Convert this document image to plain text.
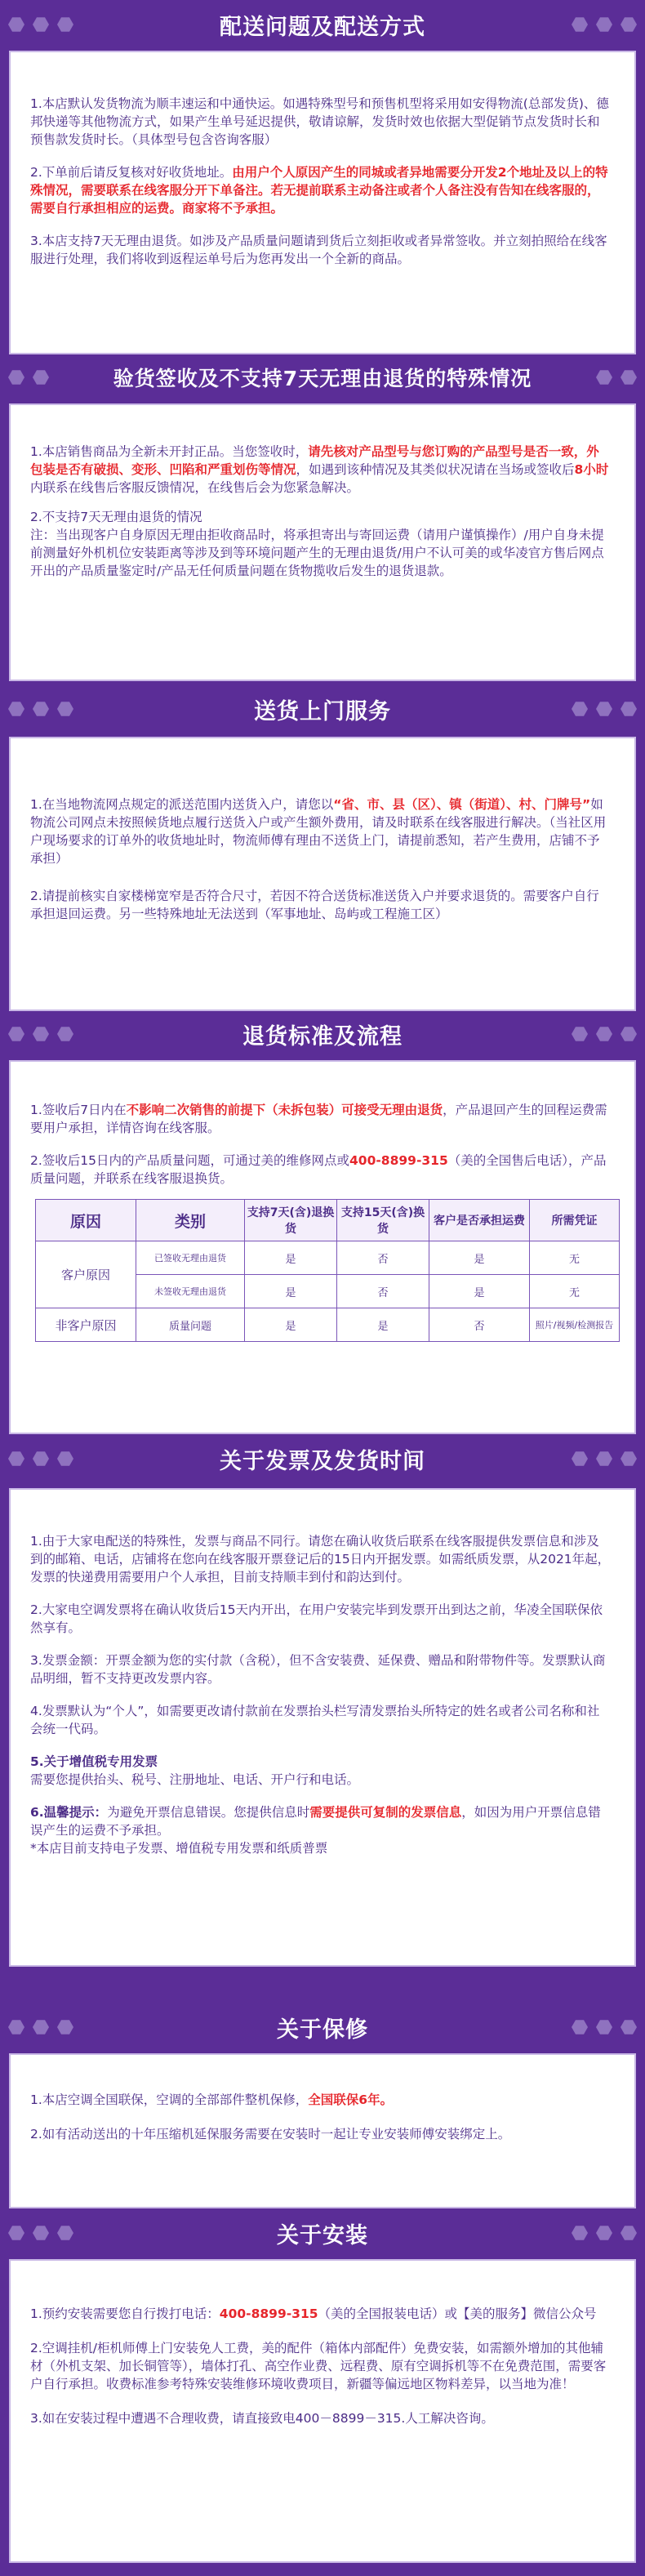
配送问题及配送方式

1.本店默认发货物流为顺丰速运和中通快运。如遇特殊型号和预售机型将采用如安得物流(总部发货)、德邦快递等其他物流方式，如果产生单号延迟提供，敬请谅解，发货时效也依据大型促销节点发货时长和预售款发货时长。（具体型号包含咨询客服）

2.下单前后请反复核对好收货地址。由用户个人原因产生的同城或者异地需要分开发2个地址及以上的特殊情况，需要联系在线客服分开下单备注。若无提前联系主动备注或者个人备注没有告知在线客服的，需要自行承担相应的运费。商家将不予承担。

3.本店支持7天无理由退货。如涉及产品质量问题请到货后立刻拒收或者异常签收。并立刻拍照给在线客服进行处理，我们将收到返程运单号后为您再发出一个全新的商品。

验货签收及不支持7天无理由退货的特殊情况

1.本店销售商品为全新未开封正品。当您签收时，请先核对产品型号与您订购的产品型号是否一致，外包装是否有破损、变形、凹陷和严重划伤等情况，如遇到该种情况及其类似状况请在当场或签收后8小时内联系在线售后客服反馈情况，在线售后会为您紧急解决。

2.不支持7天无理由退货的情况
注：当出现客户自身原因无理由拒收商品时，将承担寄出与寄回运费（请用户谨慎操作）/用户自身未提前测量好外机机位安装距离等涉及到等环境问题产生的无理由退货/用户不认可美的或华凌官方售后网点开出的产品质量鉴定时/产品无任何质量问题在货物揽收后发生的退货退款。

送货上门服务

1.在当地物流网点规定的派送范围内送货入户，请您以“省、市、县（区）、镇（街道）、村、门牌号”如物流公司网点未按照候货地点履行送货入户或产生额外费用，请及时联系在线客服进行解决。（当社区用户现场要求的订单外的收货地址时，物流师傅有理由不送货上门，请提前悉知，若产生费用，店铺不予承担）

2.请提前核实自家楼梯宽窄是否符合尺寸，若因不符合送货标准送货入户并要求退货的。需要客户自行承担退回运费。另一些特殊地址无法送到（军事地址、岛屿或工程施工区）

退货标准及流程

1.签收后7日内在不影响二次销售的前提下（未拆包装）可接受无理由退货，产品退回产生的回程运费需要用户承担，详情咨询在线客服。

2.签收后15日内的产品质量问题，可通过美的维修网点或400-8899-315（美的全国售后电话），产品质量问题，并联系在线客服退换货。

原因	类别	支持7天(含)退换货	支持15天(含)换货	客户是否承担运费	所需凭证
客户原因	已签收无理由退货	是	否	是	无
	未签收无理由退货	是	否	是	无
非客户原因	质量问题	是	是	否	照片/视频/检测报告
关于发票及发货时间

1.由于大家电配送的特殊性，发票与商品不同行。请您在确认收货后联系在线客服提供发票信息和涉及到的邮箱、电话，店铺将在您向在线客服开票登记后的15日内开据发票。如需纸质发票，从2021年起，发票的快递费用需要用户个人承担，目前支持顺丰到付和韵达到付。

2.大家电空调发票将在确认收货后15天内开出，在用户安装完毕到发票开出到达之前，华凌全国联保依然享有。

3.发票金额：开票金额为您的实付款（含税），但不含安装费、延保费、赠品和附带物件等。发票默认商品明细，暂不支持更改发票内容。

4.发票默认为“个人”，如需要更改请付款前在发票抬头栏写清发票抬头所特定的姓名或者公司名称和社会统一代码。

5.关于增值税专用发票
需要您提供抬头、税号、注册地址、电话、开户行和电话。

6.温馨提示：为避免开票信息错误。您提供信息时需要提供可复制的发票信息，如因为用户开票信息错误产生的运费不予承担。
*本店目前支持电子发票、增值税专用发票和纸质普票

关于保修

1.本店空调全国联保，空调的全部部件整机保修，全国联保6年。

2.如有活动送出的十年压缩机延保服务需要在安装时一起让专业安装师傅安装绑定上。

关于安装

1.预约安装需要您自行拨打电话：400-8899-315（美的全国报装电话）或【美的服务】微信公众号

2.空调挂机/柜机师傅上门安装免人工费，美的配件（箱体内部配件）免费安装，如需额外增加的其他辅材（外机支架、加长铜管等），墙体打孔、高空作业费、远程费、原有空调拆机等不在免费范围，需要客户自行承担。收费标准参考特殊安装维修环境收费项目，新疆等偏远地区物料差异，以当地为准！

3.如在安装过程中遭遇不合理收费，请直接致电400－8899－315.人工解决咨询。
